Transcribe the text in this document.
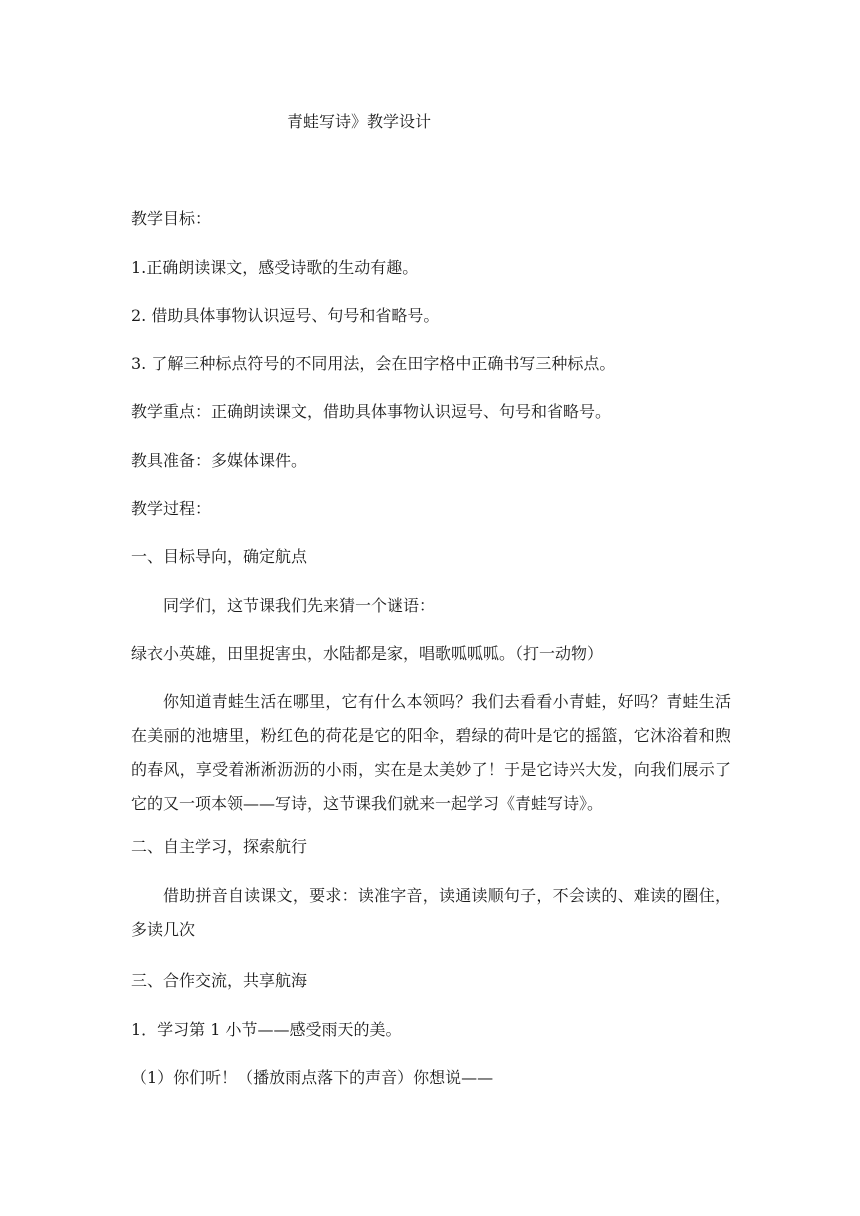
青蛙写诗》教学设计
教学目标：
1.正确朗读课文，感受诗歌的生动有趣。
2. 借助具体事物认识逗号、句号和省略号。
3. 了解三种标点符号的不同用法，会在田字格中正确书写三种标点。
教学重点：正确朗读课文，借助具体事物认识逗号、句号和省略号。
教具准备：多媒体课件。
教学过程：
一、目标导向，确定航点
同学们，这节课我们先来猜一个谜语：
绿衣小英雄，田里捉害虫，水陆都是家，唱歌呱呱呱。（打一动物）
你知道青蛙生活在哪里，它有什么本领吗？我们去看看小青蛙，好吗？青蛙生活在美丽的池塘里，粉红色的荷花是它的阳伞，碧绿的荷叶是它的摇篮，它沐浴着和煦的春风，享受着淅淅沥沥的小雨，实在是太美妙了！于是它诗兴大发，向我们展示了它的又一项本领——写诗，这节课我们就来一起学习《青蛙写诗》。
二、自主学习，探索航行
借助拼音自读课文，要求：读准字音，读通读顺句子，不会读的、难读的圈住，多读几次
三、合作交流，共享航海
1．学习第 1 小节——感受雨天的美。
（1）你们听！（播放雨点落下的声音）你想说——
